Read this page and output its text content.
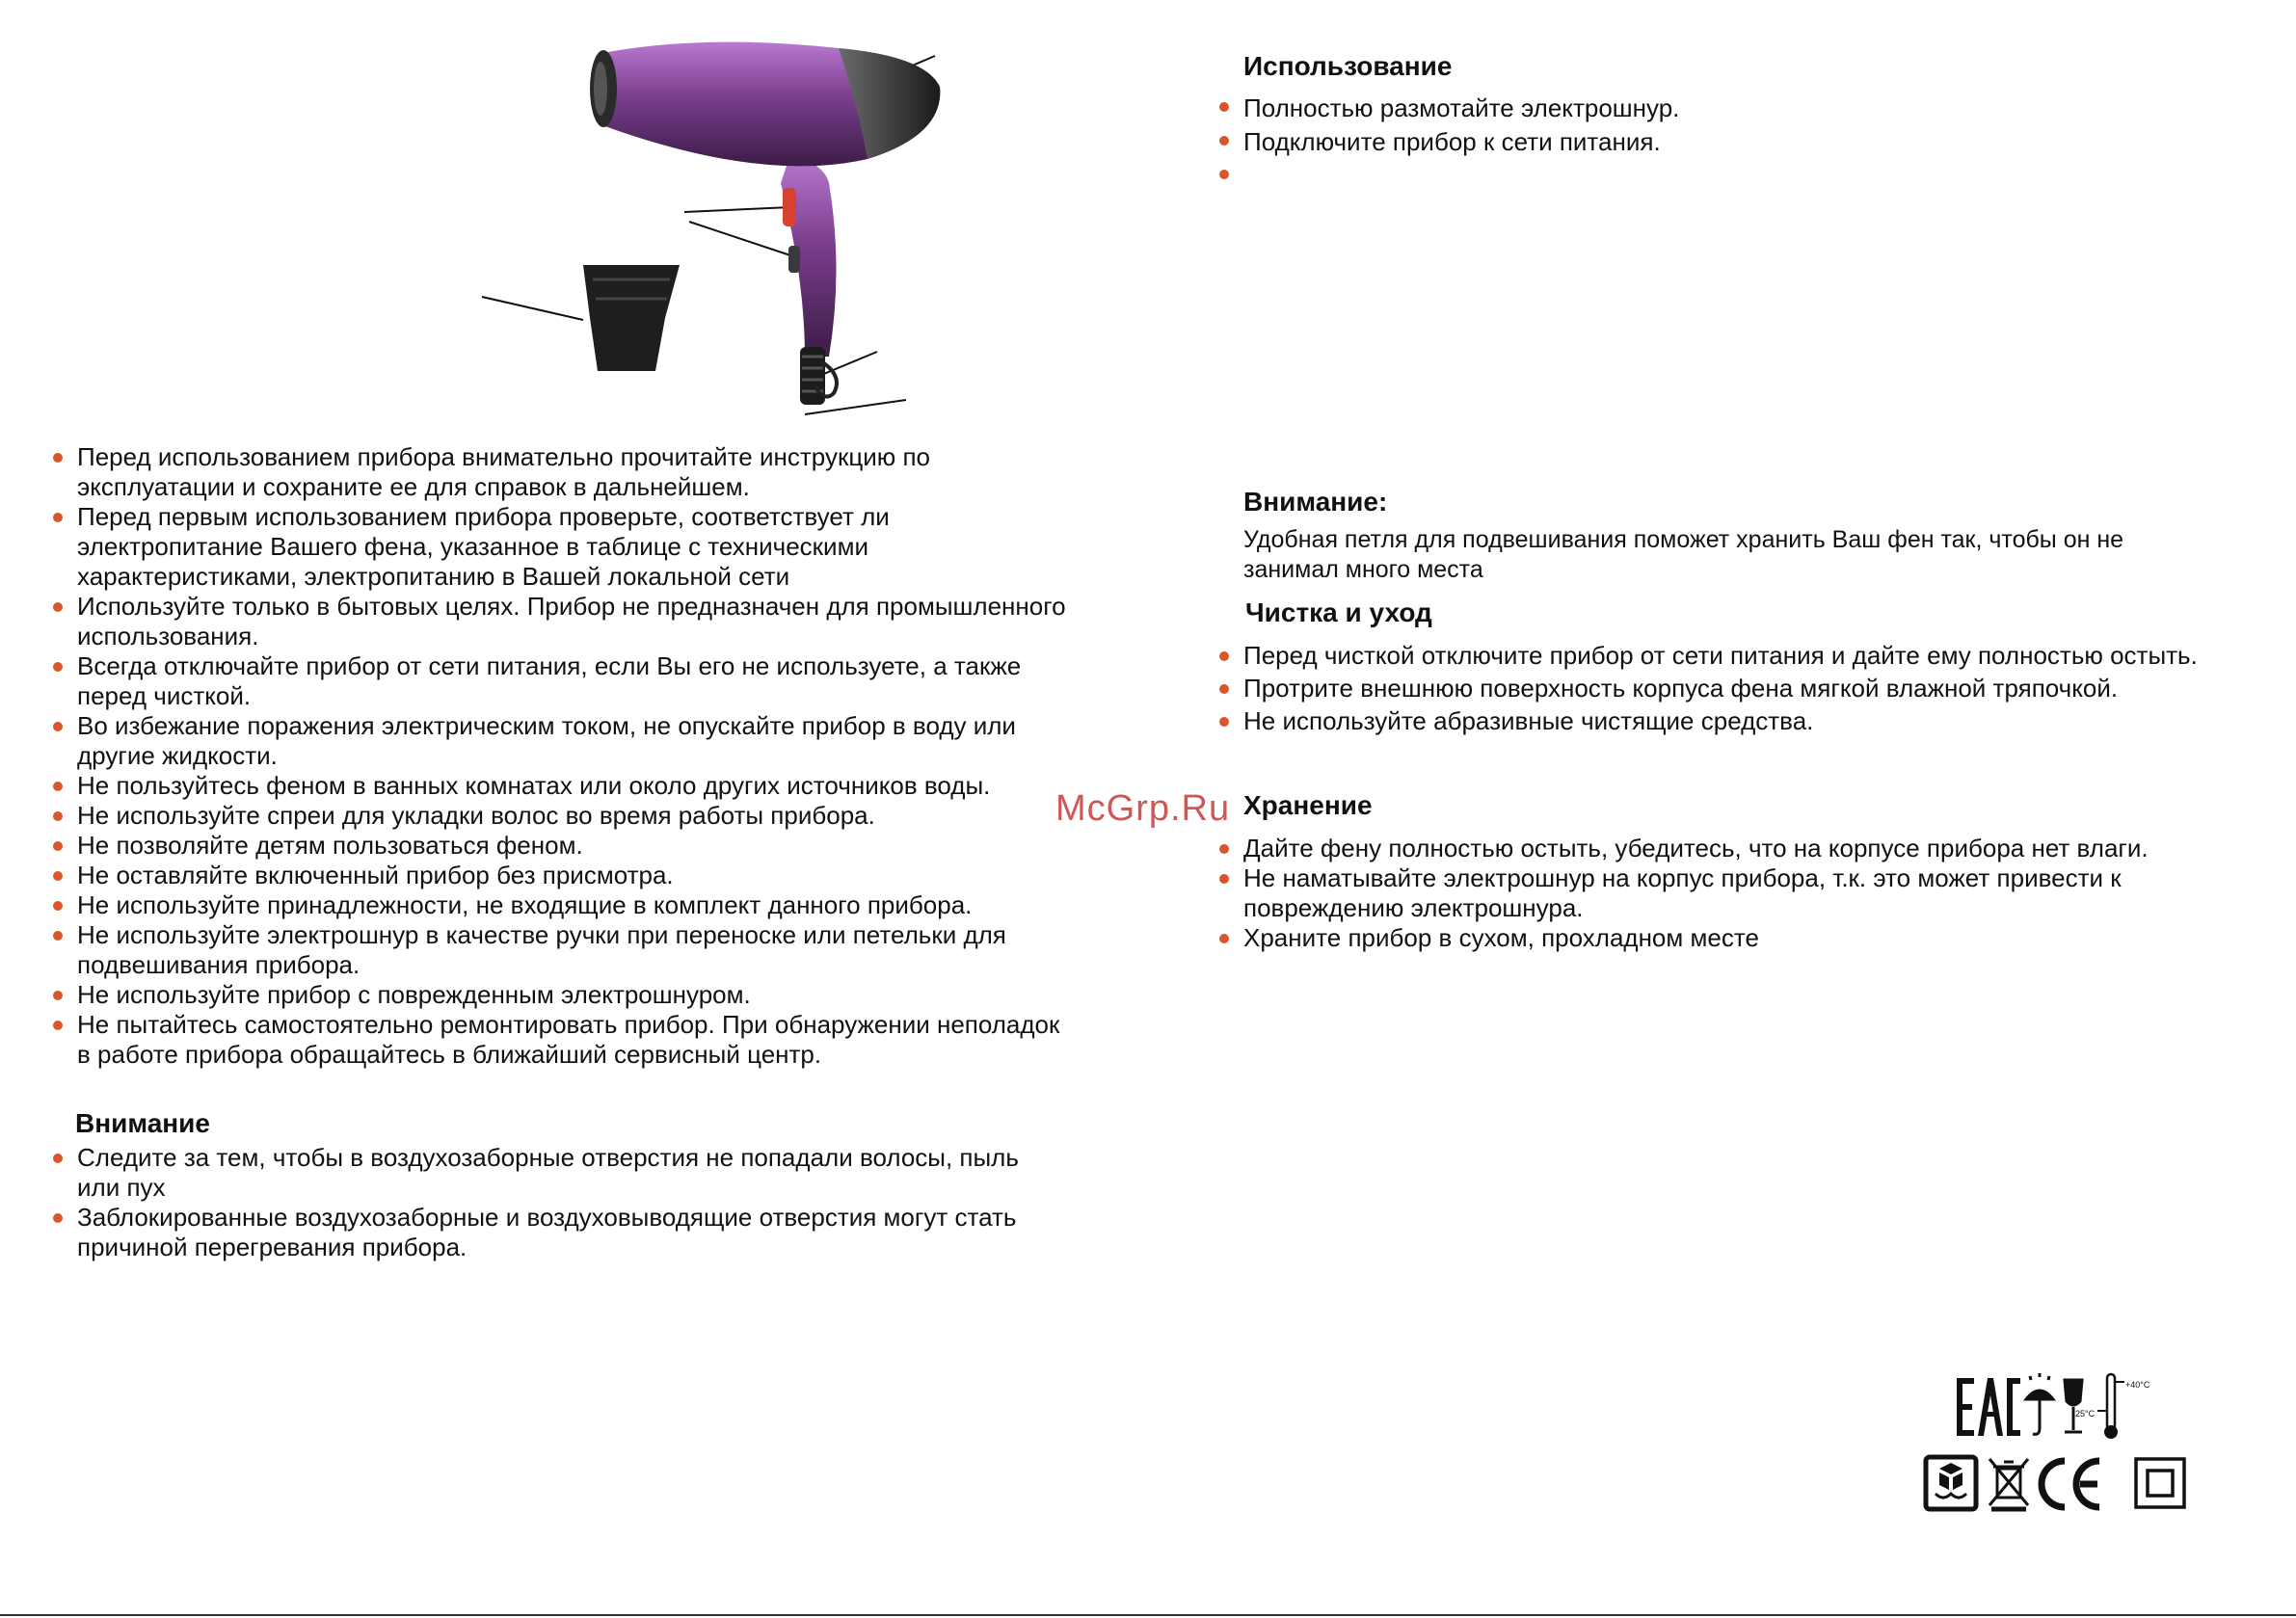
Перед использованием прибора внимательно прочитайте инструкцию по эксплуатации и сохраните ее для справок в дальнейшем.
Перед первым использованием прибора проверьте, соответствует ли электропитание Вашего фена, указанное в таблице с техническими характеристиками, электропитанию в Вашей локальной сети
Используйте только в бытовых целях. Прибор не предназначен для промышленного использования.
Всегда отключайте прибор от сети питания, если Вы его не используете, а также перед чисткой.
Во избежание поражения электрическим током, не опускайте прибор в воду или другие жидкости.
Не пользуйтесь феном в ванных комнатах или около других источников воды.
Не используйте спреи для укладки волос во время работы прибора.
Не позволяйте детям пользоваться феном.
Не оставляйте включенный прибор без присмотра.
Не используйте принадлежности, не входящие в комплект данного прибора.
Не используйте электрошнур в качестве ручки при переноске или петельки для подвешивания прибора.
Не используйте прибор с поврежденным электрошнуром.
Не пытайтесь самостоятельно ремонтировать прибор. При обнаружении неполадок в работе прибора обращайтесь в ближайший сервисный центр.
Внимание
Следите за тем, чтобы в воздухозаборные отверстия не попадали волосы, пыль или пух
Заблокированные воздухозаборные и воздуховыводящие отверстия могут стать причиной перегревания прибора.
Использование
Полностью размотайте электрошнур.
Подключите прибор к сети питания.

Внимание:
Удобная петля для подвешивания поможет хранить Ваш фен так, чтобы он не занимал много места
Чистка и уход
Перед чисткой отключите прибор от сети питания и дайте ему полностью остыть.
Протрите внешнюю поверхность корпуса фена мягкой влажной тряпочкой.
Не используйте абразивные чистящие средства.
Хранение
Дайте фену полностью остыть, убедитесь, что на корпусе прибора нет влаги.
Не наматывайте электрошнур на корпус прибора, т.к. это может привести к повреждению электрошнура.
Храните прибор в сухом, прохладном месте
McGrp.Ru
+40°C
-25°C
